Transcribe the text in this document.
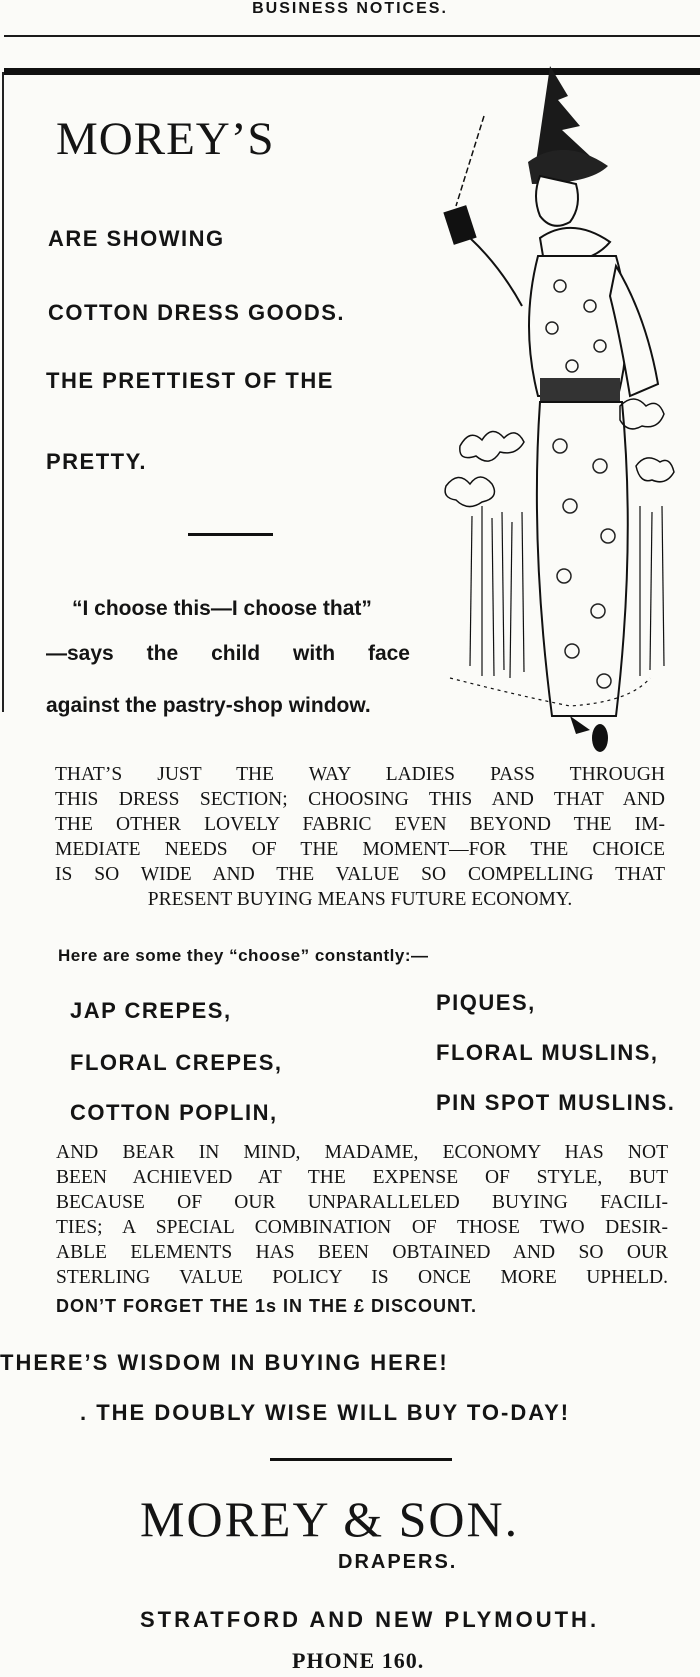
BUSINESS NOTICES.
MOREY’S
ARE SHOWING
COTTON DRESS GOODS.
THE PRETTIEST OF THE
PRETTY.
“I choose this—I choose that”
—says the child with face
against the pastry-shop window.
THAT’S JUST THE WAY LADIES PASS THROUGH
THIS DRESS SECTION; CHOOSING THIS AND THAT AND
THE OTHER LOVELY FABRIC EVEN BEYOND THE IM-
MEDIATE NEEDS OF THE MOMENT—FOR THE CHOICE
IS SO WIDE AND THE VALUE SO COMPELLING THAT
PRESENT BUYING MEANS FUTURE ECONOMY.
Here are some they “choose” constantly:—
JAP CREPES,
FLORAL CREPES,
COTTON POPLIN,
PIQUES,
FLORAL MUSLINS,
PIN SPOT MUSLINS.
AND BEAR IN MIND, MADAME, ECONOMY HAS NOT
BEEN ACHIEVED AT THE EXPENSE OF STYLE, BUT
BECAUSE OF OUR UNPARALLELED BUYING FACILI-
TIES; A SPECIAL COMBINATION OF THOSE TWO DESIR-
ABLE ELEMENTS HAS BEEN OBTAINED AND SO OUR
STERLING VALUE POLICY IS ONCE MORE UPHELD.
DON’T FORGET THE 1s IN THE £ DISCOUNT.
THERE’S WISDOM IN BUYING HERE!
. THE DOUBLY WISE WILL BUY TO-DAY!
MOREY & SON.
DRAPERS.
STRATFORD AND NEW PLYMOUTH.
PHONE 160.
